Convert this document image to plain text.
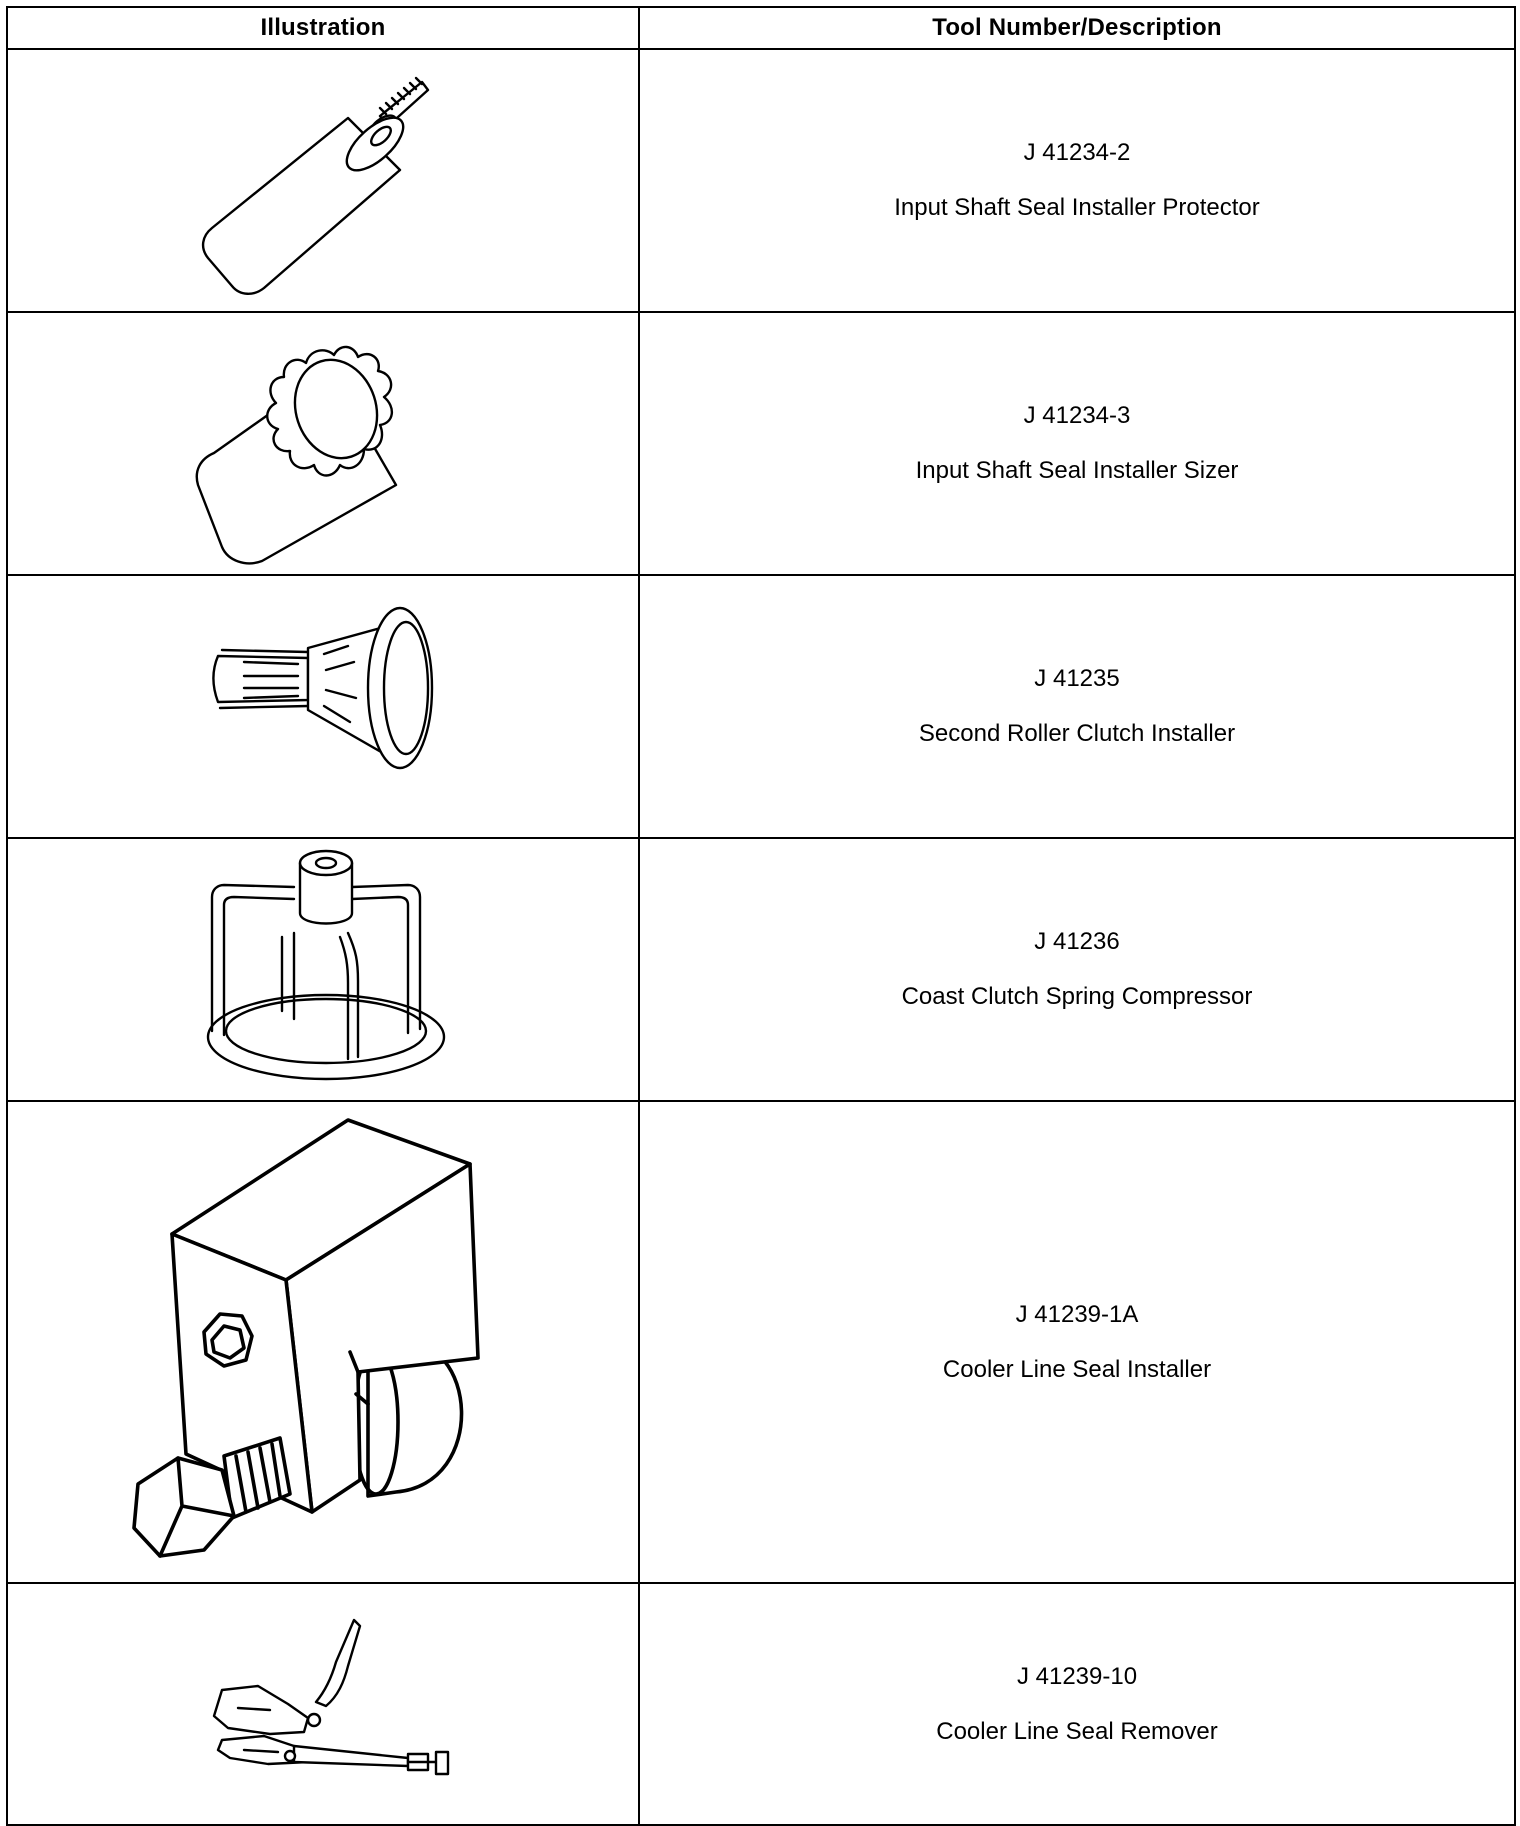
Illustration	Tool Number/Description

J 41234-2
Input Shaft Seal Installer Protector

J 41234-3
Input Shaft Seal Installer Sizer

J 41235
Second Roller Clutch Installer

J 41236
Coast Clutch Spring Compressor

J 41239-1A
Cooler Line Seal Installer

J 41239-10
Cooler Line Seal Remover
